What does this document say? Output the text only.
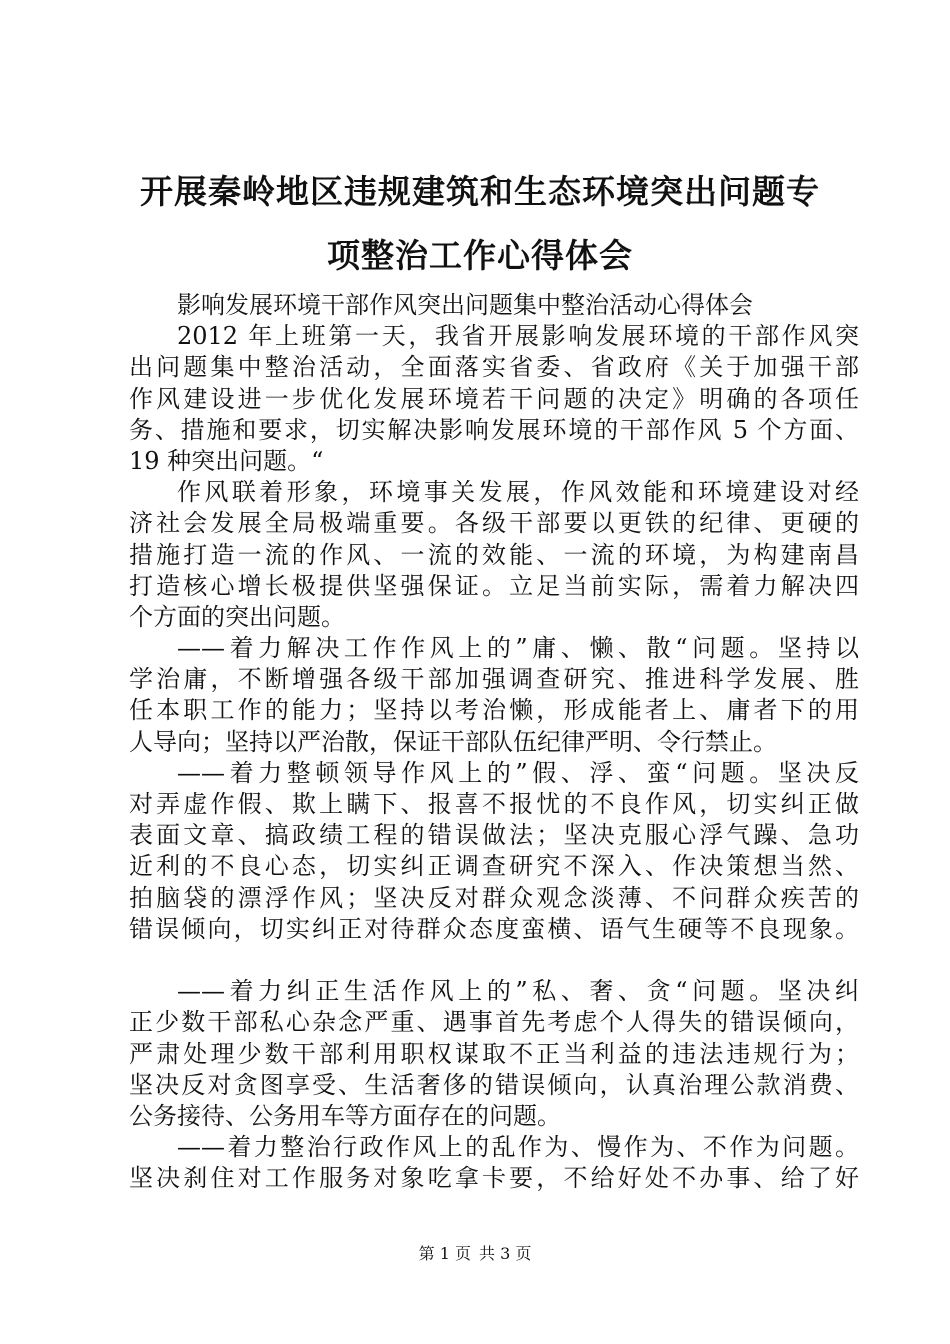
开展秦岭地区违规建筑和生态环境突出问题专
项整治工作心得体会
影响发展环境干部作风突出问题集中整治活动心得体会
2012 年上班第一天，我省开展影响发展环境的干部作风突
出问题集中整治活动，全面落实省委、省政府《关于加强干部
作风建设进一步优化发展环境若干问题的决定》明确的各项任
务、措施和要求，切实解决影响发展环境的干部作风 5 个方面、
19 种突出问题。“
作风联着形象，环境事关发展，作风效能和环境建设对经
济社会发展全局极端重要。各级干部要以更铁的纪律、更硬的
措施打造一流的作风、一流的效能、一流的环境，为构建南昌
打造核心增长极提供坚强保证。立足当前实际，需着力解决四
个方面的突出问题。
——着力解决工作作风上的”庸、懒、散“问题。坚持以
学治庸，不断增强各级干部加强调查研究、推进科学发展、胜
任本职工作的能力；坚持以考治懒，形成能者上、庸者下的用
人导向；坚持以严治散，保证干部队伍纪律严明、令行禁止。
——着力整顿领导作风上的”假、浮、蛮“问题。坚决反
对弄虚作假、欺上瞒下、报喜不报忧的不良作风，切实纠正做
表面文章、搞政绩工程的错误做法；坚决克服心浮气躁、急功
近利的不良心态，切实纠正调查研究不深入、作决策想当然、
拍脑袋的漂浮作风；坚决反对群众观念淡薄、不问群众疾苦的
错误倾向，切实纠正对待群众态度蛮横、语气生硬等不良现象。
——着力纠正生活作风上的”私、奢、贪“问题。坚决纠
正少数干部私心杂念严重、遇事首先考虑个人得失的错误倾向，
严肃处理少数干部利用职权谋取不正当利益的违法违规行为；
坚决反对贪图享受、生活奢侈的错误倾向，认真治理公款消费、
公务接待、公务用车等方面存在的问题。
——着力整治行政作风上的乱作为、慢作为、不作为问题。
坚决刹住对工作服务对象吃拿卡要，不给好处不办事、给了好
第 1 页 共 3 页
